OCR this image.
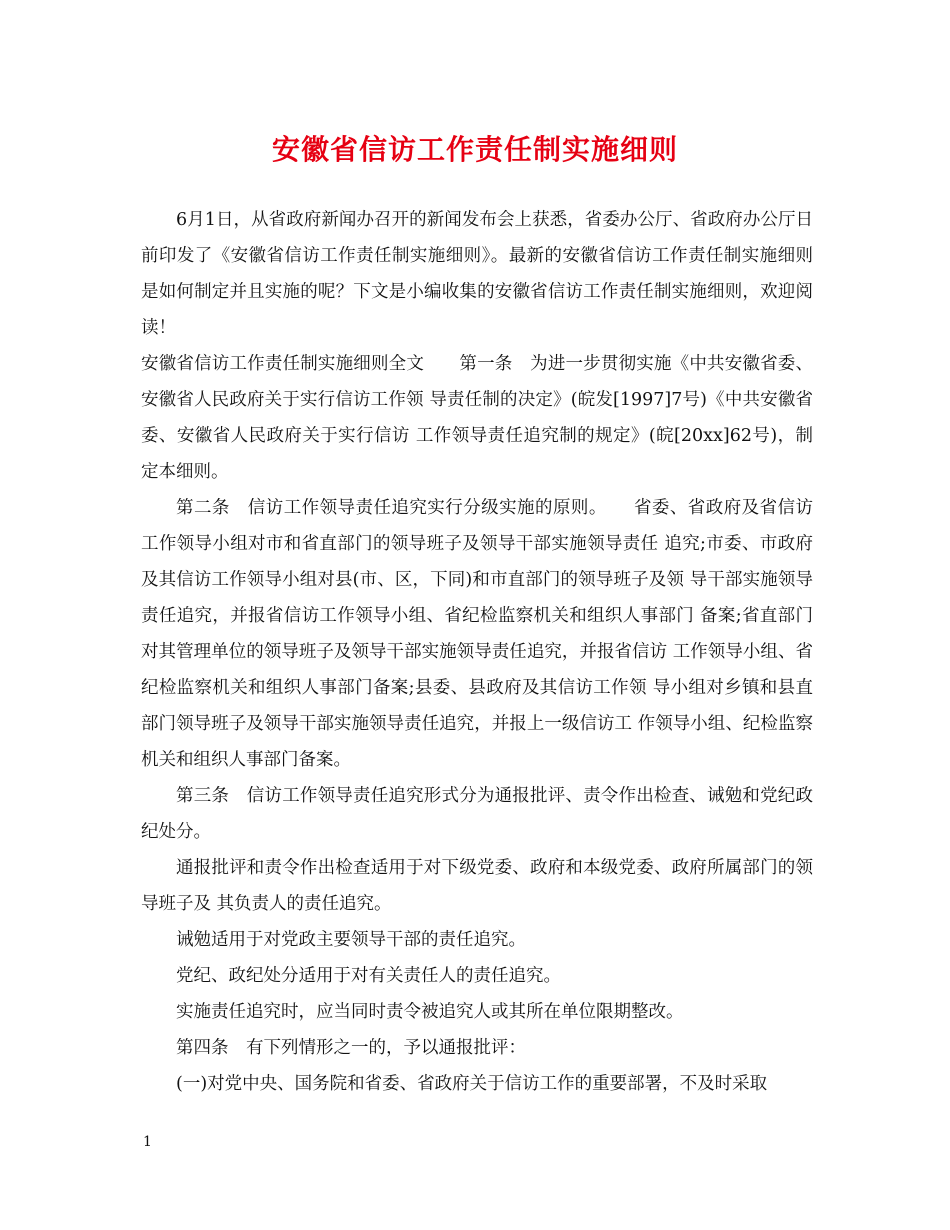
安徽省信访工作责任制实施细则

6月1日，从省政府新闻办召开的新闻发布会上获悉，省委办公厅、省政府办公厅日前印发了《安徽省信访工作责任制实施细则》。最新的安徽省信访工作责任制实施细则是如何制定并且实施的呢？下文是小编收集的安徽省信访工作责任制实施细则，欢迎阅读！

安徽省信访工作责任制实施细则全文　　第一条　为进一步贯彻实施《中共安徽省委、安徽省人民政府关于实行信访工作领 导责任制的决定》(皖发[1997]7号)《中共安徽省委、安徽省人民政府关于实行信访 工作领导责任追究制的规定》(皖[20xx]62号)，制定本细则。

第二条　信访工作领导责任追究实行分级实施的原则。　　省委、省政府及省信访工作领导小组对市和省直部门的领导班子及领导干部实施领导责任 追究;市委、市政府及其信访工作领导小组对县(市、区，下同)和市直部门的领导班子及领 导干部实施领导责任追究，并报省信访工作领导小组、省纪检监察机关和组织人事部门 备案;省直部门对其管理单位的领导班子及领导干部实施领导责任追究，并报省信访 工作领导小组、省纪检监察机关和组织人事部门备案;县委、县政府及其信访工作领 导小组对乡镇和县直部门领导班子及领导干部实施领导责任追究，并报上一级信访工 作领导小组、纪检监察机关和组织人事部门备案。

第三条　信访工作领导责任追究形式分为通报批评、责令作出检查、诫勉和党纪政 纪处分。

通报批评和责令作出检查适用于对下级党委、政府和本级党委、政府所属部门的领导班子及 其负责人的责任追究。

诫勉适用于对党政主要领导干部的责任追究。

党纪、政纪处分适用于对有关责任人的责任追究。

实施责任追究时，应当同时责令被追究人或其所在单位限期整改。

第四条　有下列情形之一的，予以通报批评：

(一)对党中央、国务院和省委、省政府关于信访工作的重要部署，不及时采取

1
